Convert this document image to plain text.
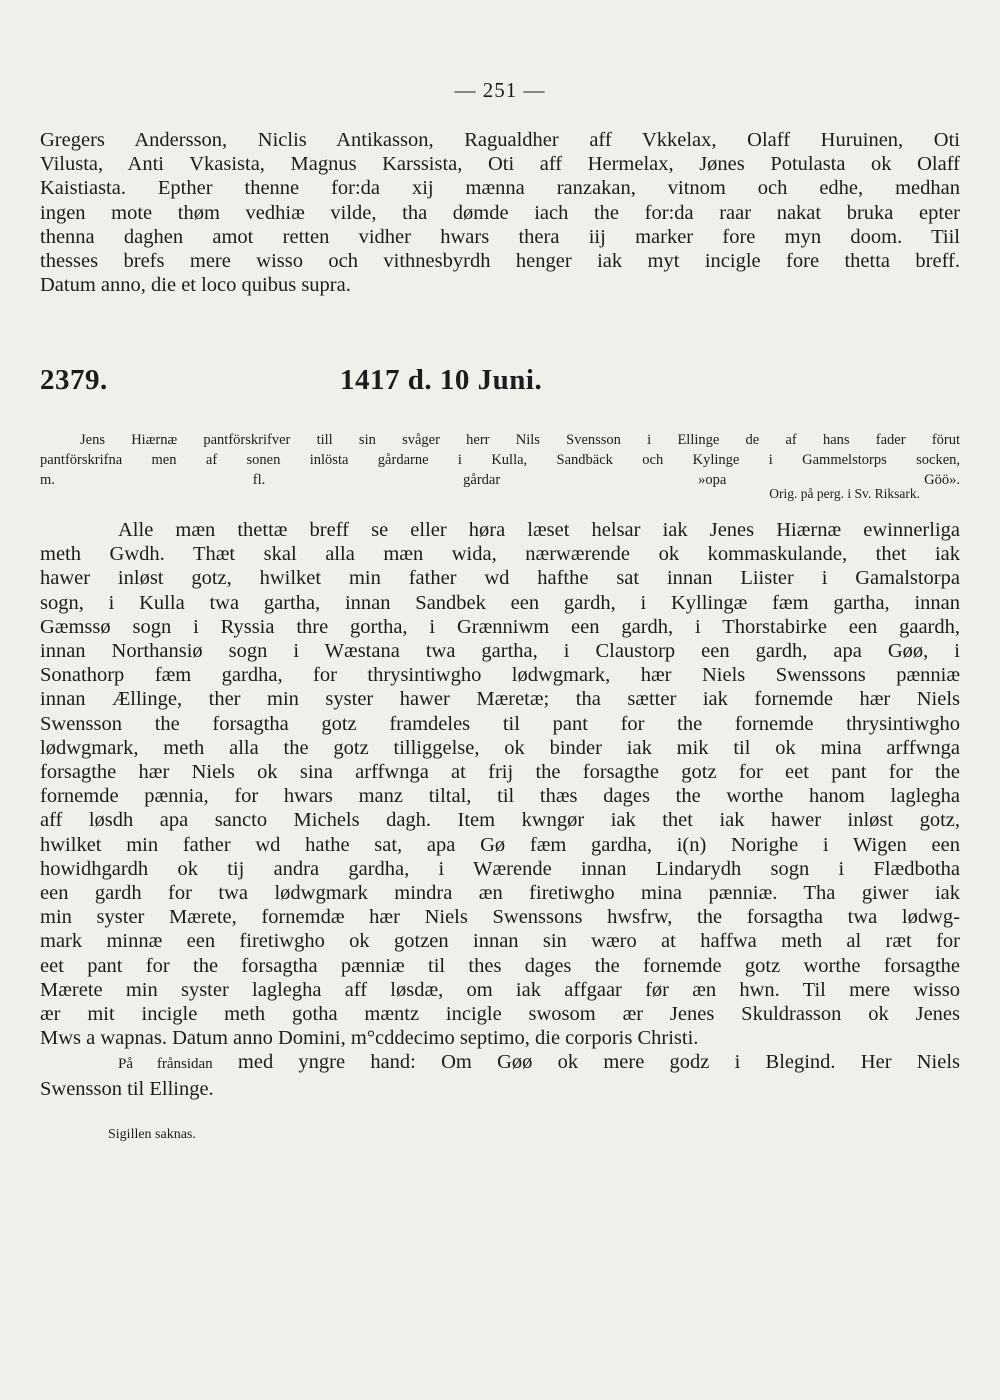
— 251 —

Gregers Andersson, Niclis Antikasson, Ragualdher aff Vkkelax, Olaff Huruinen, Oti
Vilusta, Anti Vkasista, Magnus Karssista, Oti aff Hermelax, Jønes Potulasta ok Olaff
Kaistiasta. Epther thenne for:da xij mænna ranzakan, vitnom och edhe, medhan
ingen mote thøm vedhiæ vilde, tha dømde iach the for:da raar nakat bruka epter
thenna daghen amot retten vidher hwars thera iij marker fore myn doom. Tiil
thesses brefs mere wisso och vithnesbyrdh henger iak myt incigle fore thetta breff.
Datum anno, die et loco quibus supra.

2379.	1417 d. 10 Juni.
Jens Hiærnæ pantförskrifver till sin svåger herr Nils Svensson i Ellinge de af hans fader förut
pantförskrifna men af sonen inlösta gårdarne i Kulla, Sandbäck och Kylinge i Gammelstorps socken,
m. fl. gårdar »opa Göö».
Orig. på perg. i Sv. Riksark.

Alle mæn thettæ breff se eller høra læset helsar iak Jenes Hiærnæ ewinnerliga
meth Gwdh. Thæt skal alla mæn wida, nærwærende ok kommaskulande, thet iak
hawer inløst gotz, hwilket min father wd hafthe sat innan Liister i Gamalstorpa
sogn, i Kulla twa gartha, innan Sandbek een gardh, i Kyllingæ fæm gartha, innan
Gæmssø sogn i Ryssia thre gortha, i Grænniwm een gardh, i Thorstabirke een gaardh,
innan Northansiø sogn i Wæstana twa gartha, i Claustorp een gardh, apa Gøø, i
Sonathorp fæm gardha, for thrysintiwgho lødwgmark, hær Niels Swenssons pænniæ
innan Ællinge, ther min syster hawer Mæretæ; tha sætter iak fornemde hær Niels
Swensson the forsagtha gotz framdeles til pant for the fornemde thrysintiwgho
lødwgmark, meth alla the gotz tilliggelse, ok binder iak mik til ok mina arffwnga
forsagthe hær Niels ok sina arffwnga at frij the forsagthe gotz for eet pant for the
fornemde pænnia, for hwars manz tiltal, til thæs dages the worthe hanom laglegha
aff løsdh apa sancto Michels dagh. Item kwngør iak thet iak hawer inløst gotz,
hwilket min father wd hathe sat, apa Gø fæm gardha, i(n) Norighe i Wigen een
howidhgardh ok tij andra gardha, i Wærende innan Lindarydh sogn i Flædbotha
een gardh for twa lødwgmark mindra æn firetiwgho mina pænniæ. Tha giwer iak
min syster Mærete, fornemdæ hær Niels Swenssons hwsfrw, the forsagtha twa lødwg-
mark minnæ een firetiwgho ok gotzen innan sin wæro at haffwa meth al ræt for
eet pant for the forsagtha pænniæ til thes dages the fornemde gotz worthe forsagthe
Mærete min syster laglegha aff løsdæ, om iak affgaar før æn hwn. Til mere wisso
ær mit incigle meth gotha mæntz incigle swosom ær Jenes Skuldrasson ok Jenes
Mws a wapnas. Datum anno Domini, m°cddecimo septimo, die corporis Christi.
På frånsidan med yngre hand: Om Gøø ok mere godz i Blegind. Her Niels
Swensson til Ellinge.

Sigillen saknas.
